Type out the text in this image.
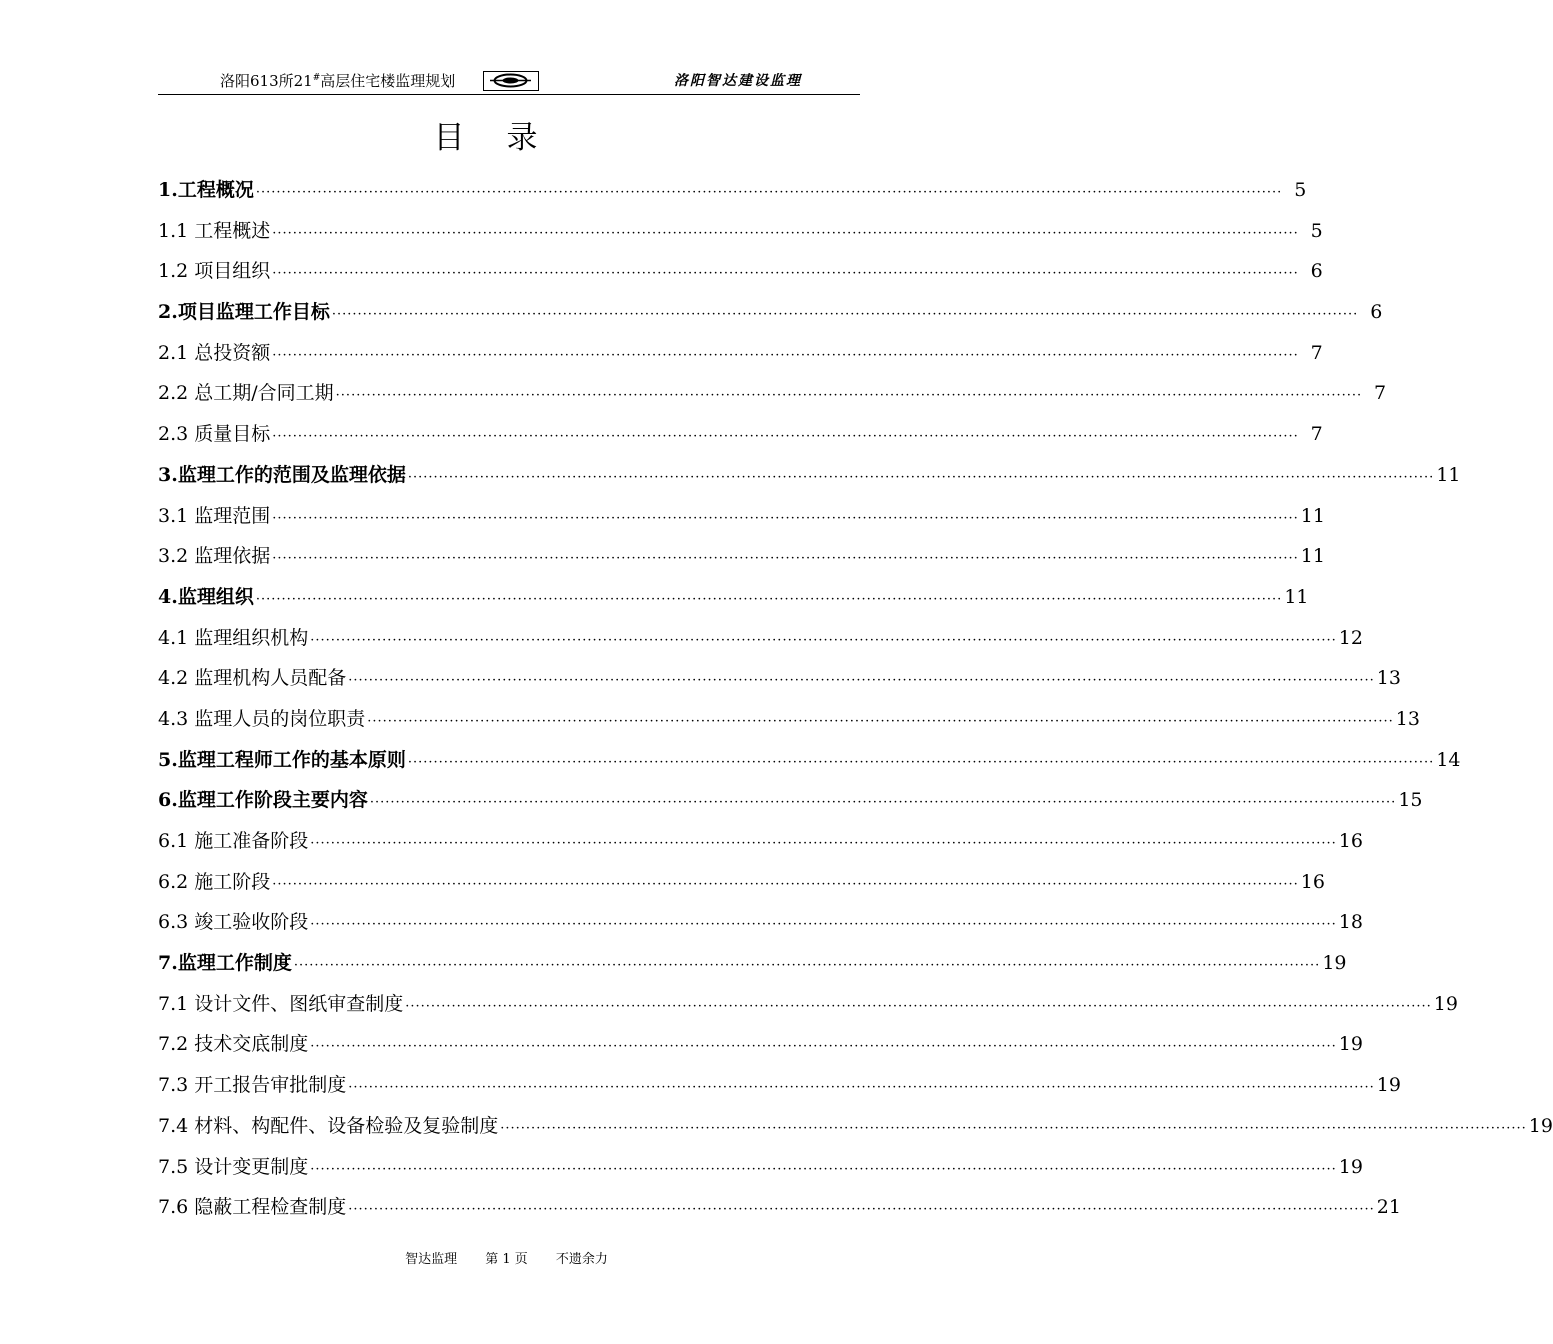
洛阳613所21#高层住宅楼监理规划	洛阳智达建设监理
目录
1.工程概况 ········································································································································································································ 5
1.1 工程概述 ········································································································································································································ 5
1.2 项目组织 ········································································································································································································ 6
2.项目监理工作目标 ········································································································································································································ 6
2.1 总投资额 ········································································································································································································ 7
2.2 总工期/合同工期 ········································································································································································································ 7
2.3 质量目标 ········································································································································································································ 7
3.监理工作的范围及监理依据 ········································································································································································································ 11
3.1 监理范围 ········································································································································································································ 11
3.2 监理依据 ········································································································································································································ 11
4.监理组织 ········································································································································································································ 11
4.1 监理组织机构 ········································································································································································································ 12
4.2 监理机构人员配备 ········································································································································································································ 13
4.3 监理人员的岗位职责 ········································································································································································································ 13
5.监理工程师工作的基本原则 ········································································································································································································ 14
6.监理工作阶段主要内容 ········································································································································································································ 15
6.1 施工准备阶段 ········································································································································································································ 16
6.2 施工阶段 ········································································································································································································ 16
6.3 竣工验收阶段 ········································································································································································································ 18
7.监理工作制度 ········································································································································································································ 19
7.1 设计文件、图纸审查制度 ········································································································································································································ 19
7.2 技术交底制度 ········································································································································································································ 19
7.3 开工报告审批制度 ········································································································································································································ 19
7.4 材料、构配件、设备检验及复验制度 ········································································································································································································ 19
7.5 设计变更制度 ········································································································································································································ 19
7.6 隐蔽工程检查制度 ········································································································································································································ 21
智达监理 第 1 页 不遗余力
